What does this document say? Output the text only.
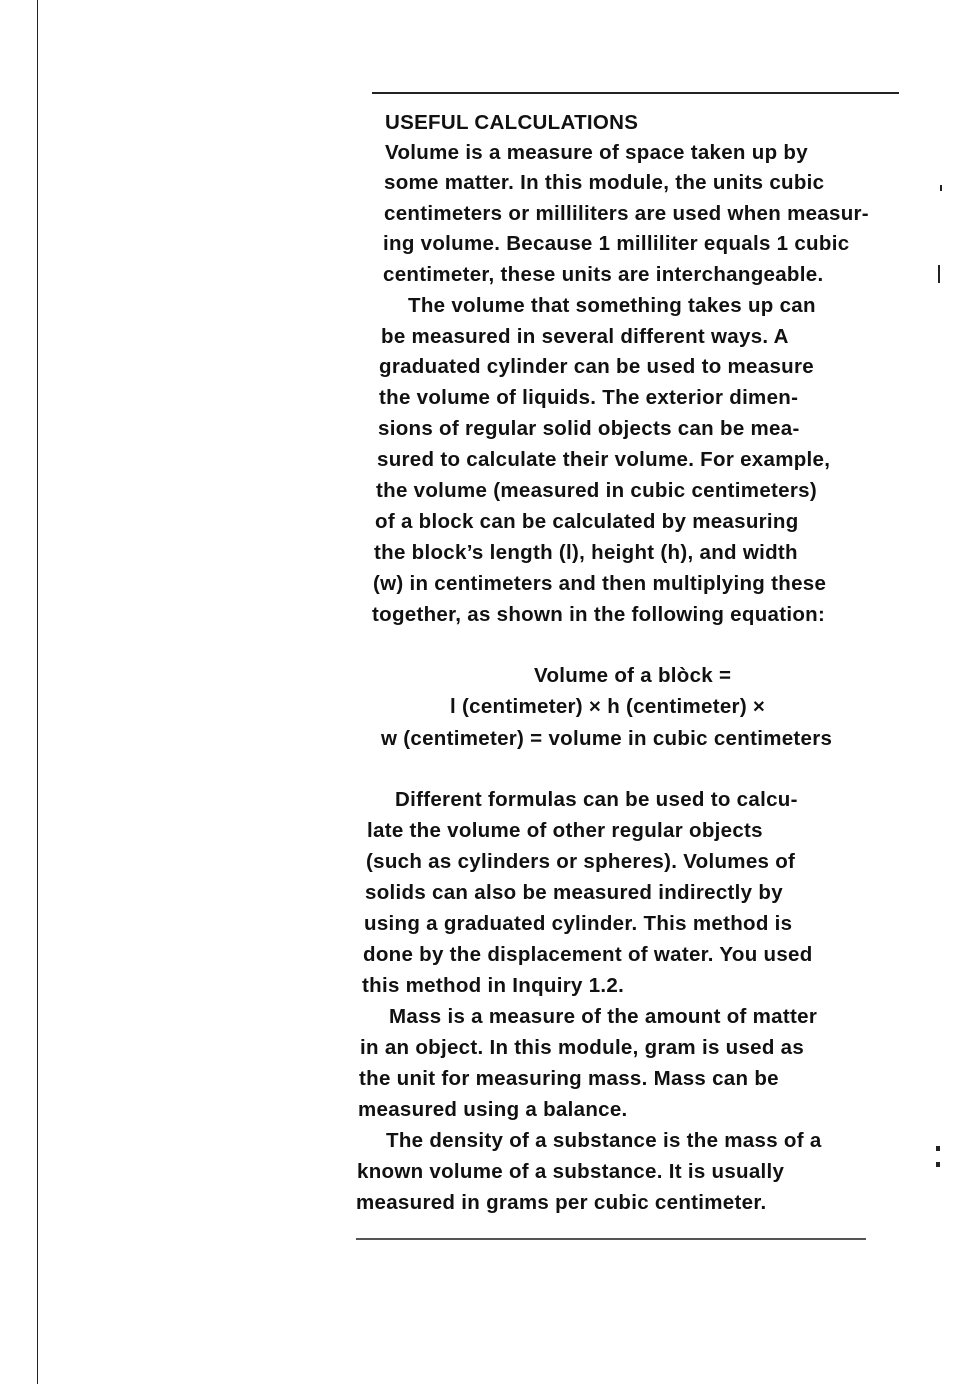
USEFUL CALCULATIONS
Volume is a measure of space taken up by
some matter. In this module, the units cubic
centimeters or milliliters are used when measur-
ing volume. Because 1 milliliter equals 1 cubic
centimeter, these units are interchangeable.
The volume that something takes up can
be measured in several different ways. A
graduated cylinder can be used to measure
the volume of liquids. The exterior dimen-
sions of regular solid objects can be mea-
sured to calculate their volume. For example,
the volume (measured in cubic centimeters)
of a block can be calculated by measuring
the block’s length (l), height (h), and width
(w) in centimeters and then multiplying these
together, as shown in the following equation:
Volume of a blòck =
l (centimeter) × h (centimeter) ×
w (centimeter) = volume in cubic centimeters
Different formulas can be used to calcu-
late the volume of other regular objects
(such as cylinders or spheres). Volumes of
solids can also be measured indirectly by
using a graduated cylinder. This method is
done by the displacement of water. You used
this method in Inquiry 1.2.
Mass is a measure of the amount of matter
in an object. In this module, gram is used as
the unit for measuring mass. Mass can be
measured using a balance.
The density of a substance is the mass of a
known volume of a substance. It is usually
measured in grams per cubic centimeter.
